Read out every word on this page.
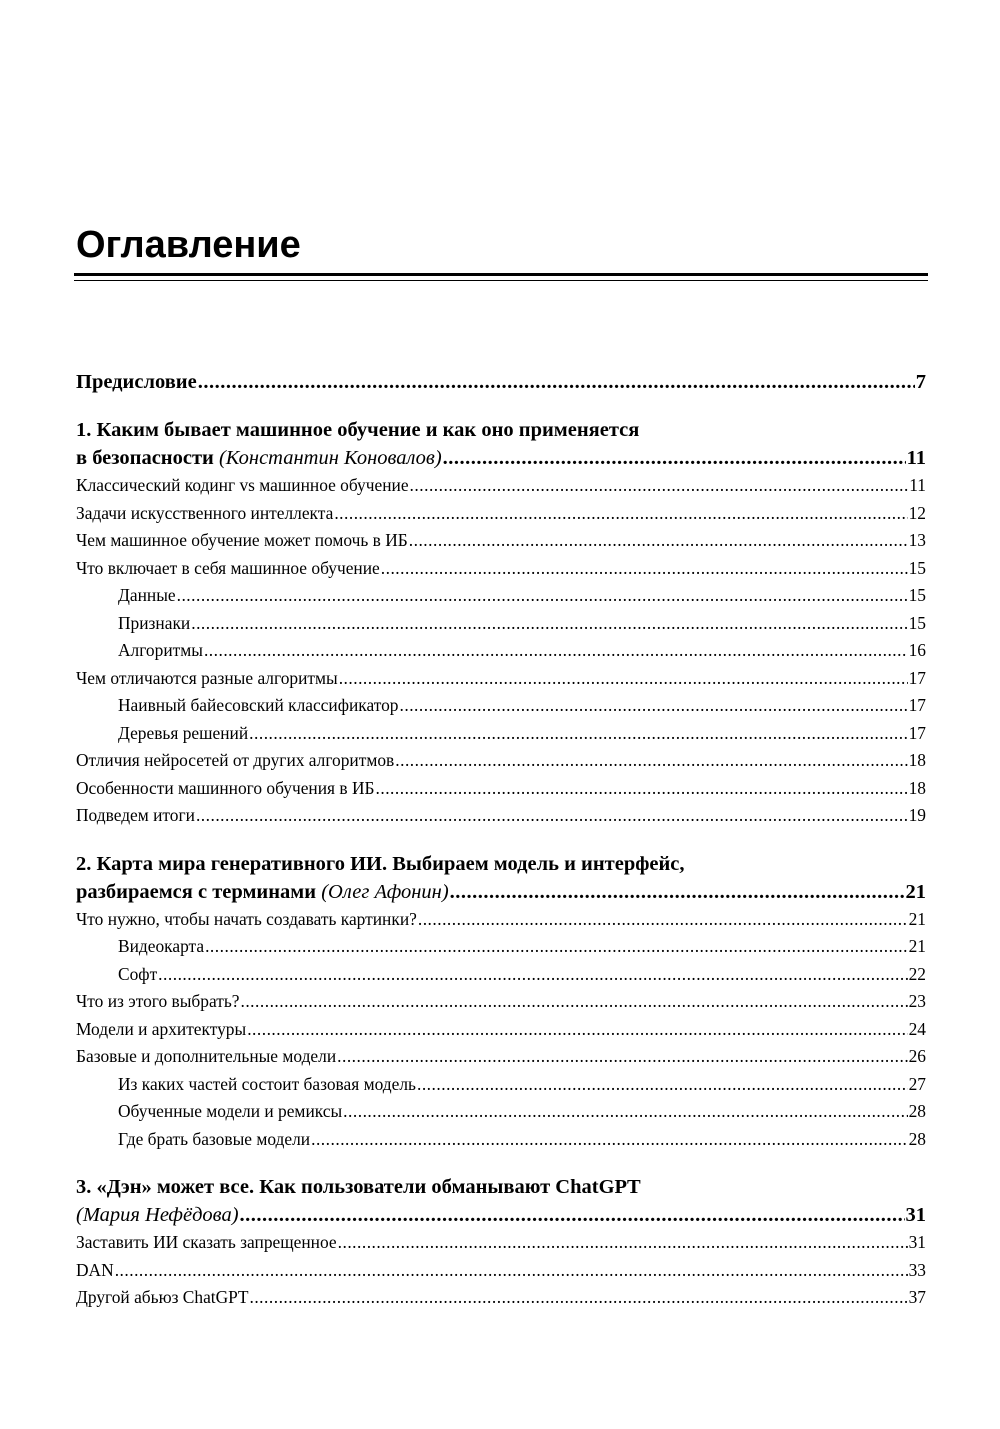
Оглавление
Предисловие .....	7
1. Каким бывает машинное обучение и как оно применяется
в безопасности (Константин Коновалов) .....	11
Классический кодинг vs машинное обучение .....	11
Задачи искусственного интеллекта .....	12
Чем машинное обучение может помочь в ИБ .....	13
Что включает в себя машинное обучение .....	15
Данные .....	15
Признаки .....	15
Алгоритмы .....	16
Чем отличаются разные алгоритмы .....	17
Наивный байесовский классификатор .....	17
Деревья решений .....	17
Отличия нейросетей от других алгоритмов .....	18
Особенности машинного обучения в ИБ .....	18
Подведем итоги .....	19
2. Карта мира генеративного ИИ. Выбираем модель и интерфейс,
разбираемся с терминами (Олег Афонин) .....	21
Что нужно, чтобы начать создавать картинки? .....	21
Видеокарта .....	21
Софт .....	22
Что из этого выбрать? .....	23
Модели и архитектуры .....	24
Базовые и дополнительные модели .....	26
Из каких частей состоит базовая модель .....	27
Обученные модели и ремиксы .....	28
Где брать базовые модели .....	28
3. «Дэн» может все. Как пользователи обманывают ChatGPT
(Мария Нефёдова) .....	31
Заставить ИИ сказать запрещенное .....	31
DAN .....	33
Другой абьюз ChatGPT .....	37
